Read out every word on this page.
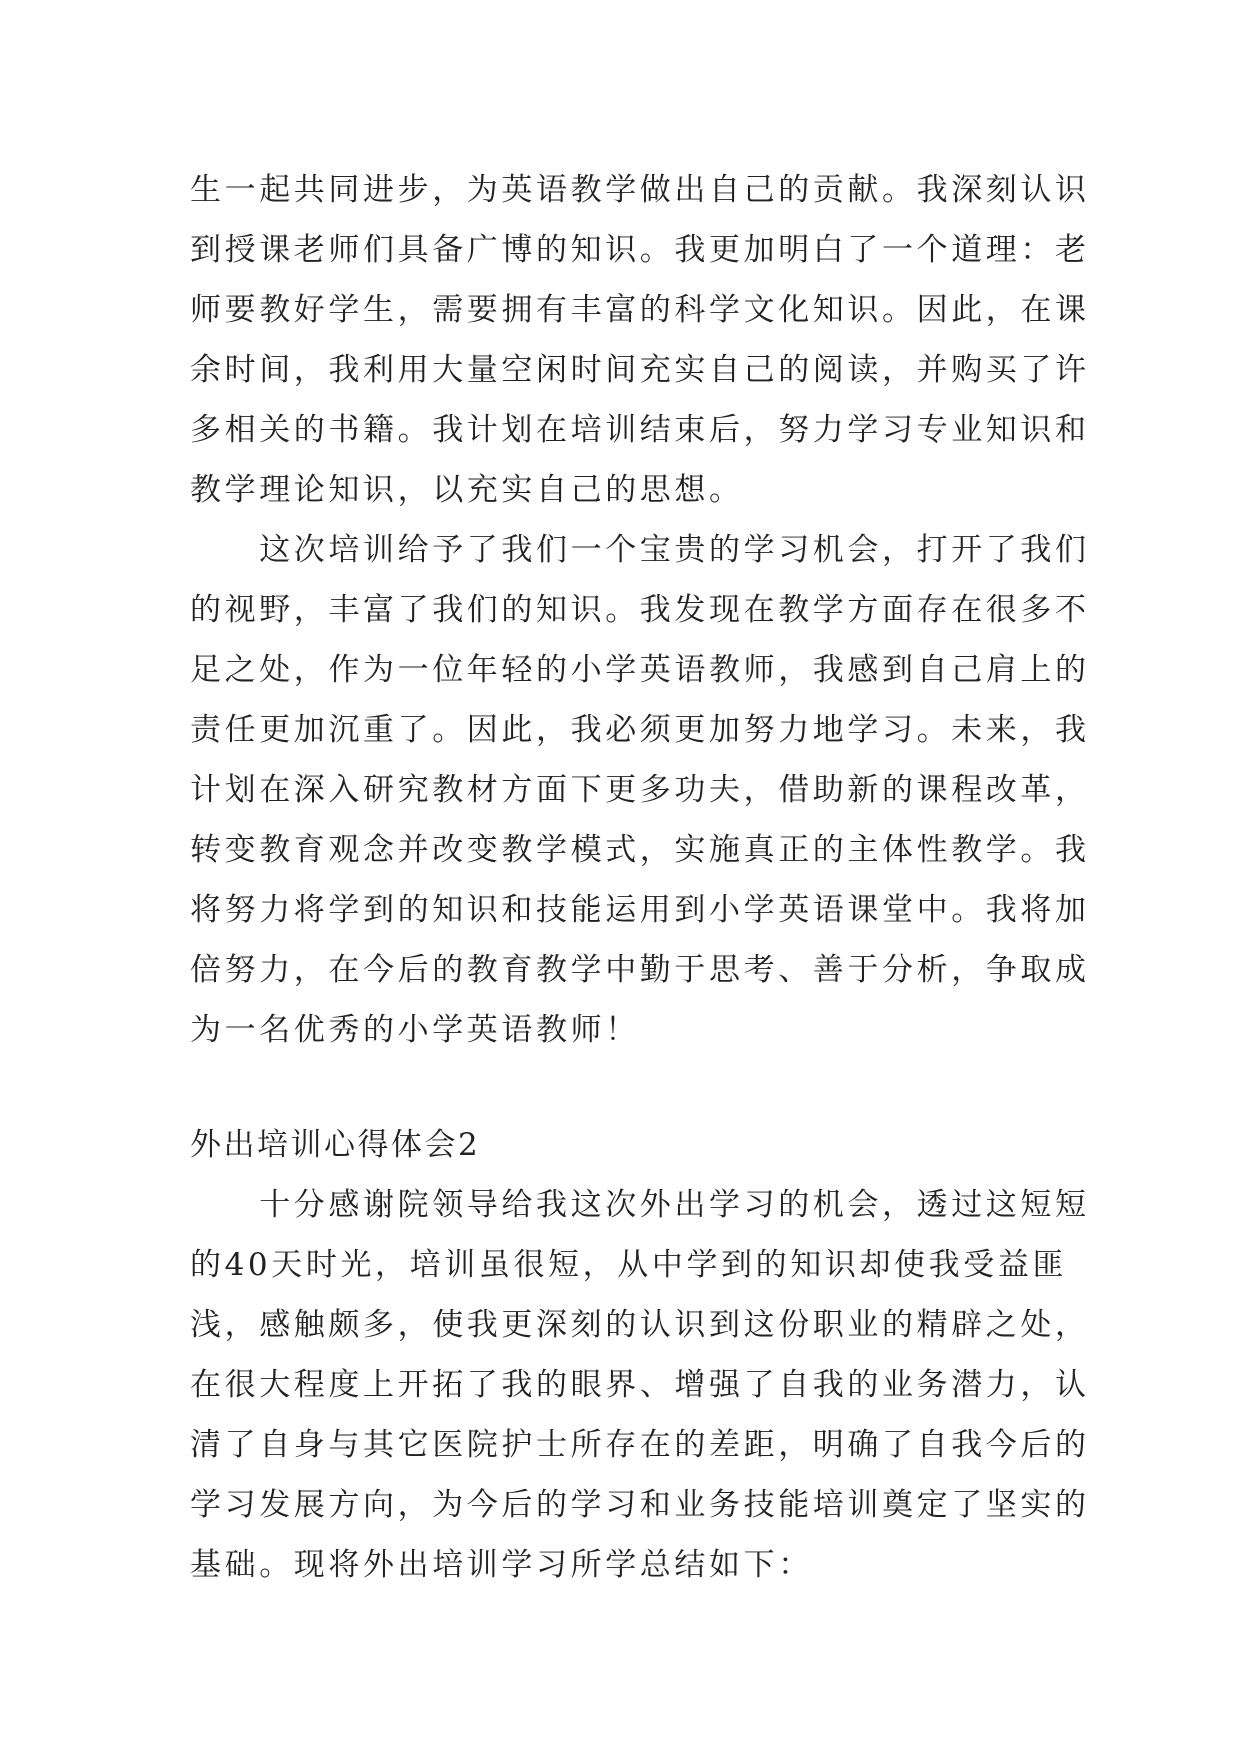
生一起共同进步，为英语教学做出自己的贡献。我深刻认识
到授课老师们具备广博的知识。我更加明白了一个道理：老
师要教好学生，需要拥有丰富的科学文化知识。因此，在课
余时间，我利用大量空闲时间充实自己的阅读，并购买了许
多相关的书籍。我计划在培训结束后，努力学习专业知识和
教学理论知识，以充实自己的思想。
　　这次培训给予了我们一个宝贵的学习机会，打开了我们
的视野，丰富了我们的知识。我发现在教学方面存在很多不
足之处，作为一位年轻的小学英语教师，我感到自己肩上的
责任更加沉重了。因此，我必须更加努力地学习。未来，我
计划在深入研究教材方面下更多功夫，借助新的课程改革，
转变教育观念并改变教学模式，实施真正的主体性教学。我
将努力将学到的知识和技能运用到小学英语课堂中。我将加
倍努力，在今后的教育教学中勤于思考、善于分析，争取成
为一名优秀的小学英语教师！
外出培训心得体会2
　　十分感谢院领导给我这次外出学习的机会，透过这短短
的40天时光，培训虽很短，从中学到的知识却使我受益匪
浅，感触颇多，使我更深刻的认识到这份职业的精辟之处，
在很大程度上开拓了我的眼界、增强了自我的业务潜力，认
清了自身与其它医院护士所存在的差距，明确了自我今后的
学习发展方向，为今后的学习和业务技能培训奠定了坚实的
基础。现将外出培训学习所学总结如下：
